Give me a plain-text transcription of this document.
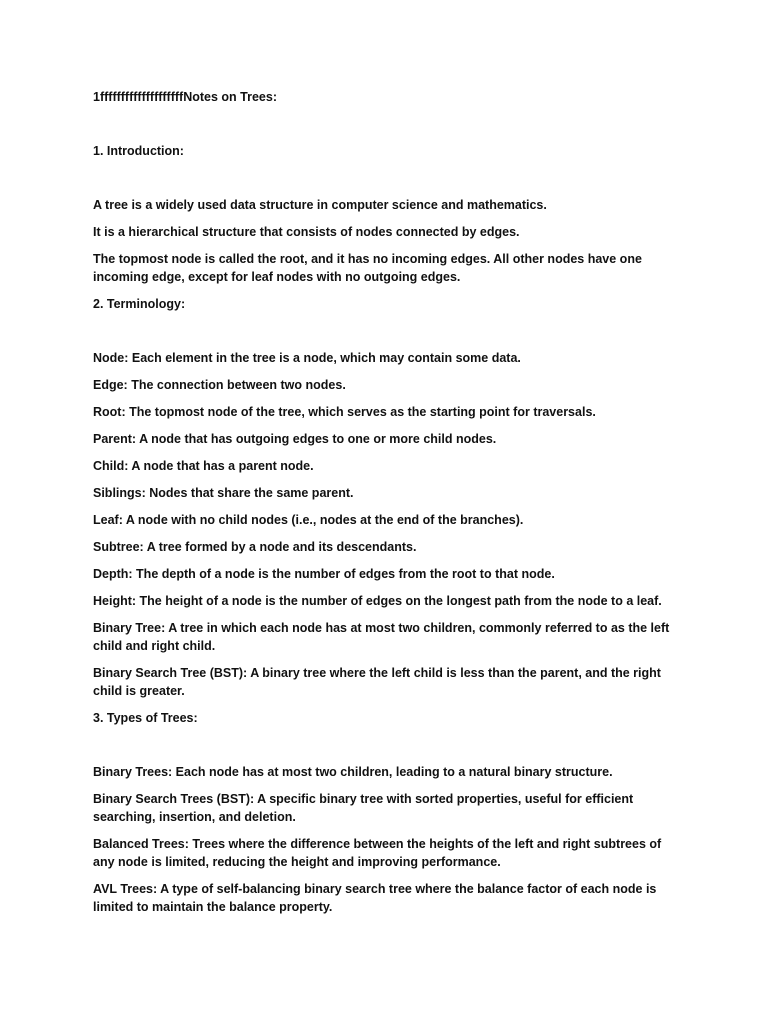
1ffffffffffffffffffffNotes on Trees:

1. Introduction:

A tree is a widely used data structure in computer science and mathematics.

It is a hierarchical structure that consists of nodes connected by edges.

The topmost node is called the root, and it has no incoming edges. All other nodes have one incoming edge, except for leaf nodes with no outgoing edges.

2. Terminology:

Node: Each element in the tree is a node, which may contain some data.

Edge: The connection between two nodes.

Root: The topmost node of the tree, which serves as the starting point for traversals.

Parent: A node that has outgoing edges to one or more child nodes.

Child: A node that has a parent node.

Siblings: Nodes that share the same parent.

Leaf: A node with no child nodes (i.e., nodes at the end of the branches).

Subtree: A tree formed by a node and its descendants.

Depth: The depth of a node is the number of edges from the root to that node.

Height: The height of a node is the number of edges on the longest path from the node to a leaf.

Binary Tree: A tree in which each node has at most two children, commonly referred to as the left child and right child.

Binary Search Tree (BST): A binary tree where the left child is less than the parent, and the right child is greater.

3. Types of Trees:

Binary Trees: Each node has at most two children, leading to a natural binary structure.

Binary Search Trees (BST): A specific binary tree with sorted properties, useful for efficient searching, insertion, and deletion.

Balanced Trees: Trees where the difference between the heights of the left and right subtrees of any node is limited, reducing the height and improving performance.

AVL Trees: A type of self-balancing binary search tree where the balance factor of each node is limited to maintain the balance property.
